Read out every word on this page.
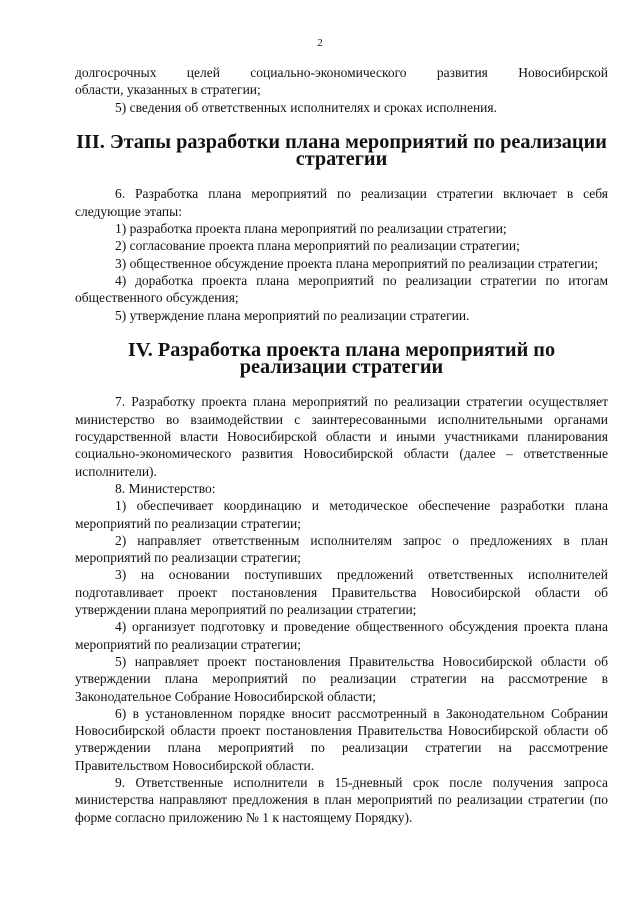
2

долгосрочных целей социально-экономического развития Новосибирской

области, указанных в стратегии;

5) сведения об ответственных исполнителях и сроках исполнения.

III. Этапы разработки плана мероприятий по реализации стратегии

6. Разработка плана мероприятий по реализации стратегии включает в себя следующие этапы:

1) разработка проекта плана мероприятий по реализации стратегии;

2) согласование проекта плана мероприятий по реализации стратегии;

3) общественное обсуждение проекта плана мероприятий по реализации стратегии;

4) доработка проекта плана мероприятий по реализации стратегии по итогам общественного обсуждения;

5) утверждение плана мероприятий по реализации стратегии.

IV. Разработка проекта плана мероприятий по реализации стратегии

7. Разработку проекта плана мероприятий по реализации стратегии осуществляет министерство во взаимодействии с заинтересованными исполнительными органами государственной власти Новосибирской области и иными участниками планирования социально-экономического развития Новосибирской области (далее – ответственные исполнители).

8. Министерство:

1) обеспечивает координацию и методическое обеспечение разработки плана мероприятий по реализации стратегии;

2) направляет ответственным исполнителям запрос о предложениях в план мероприятий по реализации стратегии;

3) на основании поступивших предложений ответственных исполнителей подготавливает проект постановления Правительства Новосибирской области об утверждении плана мероприятий по реализации стратегии;

4) организует подготовку и проведение общественного обсуждения проекта плана мероприятий по реализации стратегии;

5) направляет проект постановления Правительства Новосибирской области об утверждении плана мероприятий по реализации стратегии на рассмотрение в Законодательное Собрание Новосибирской области;

6) в установленном порядке вносит рассмотренный в Законодательном Собрании Новосибирской области проект постановления Правительства Новосибирской области об утверждении плана мероприятий по реализации стратегии на рассмотрение Правительством Новосибирской области.

9. Ответственные исполнители в 15-дневный срок после получения запроса министерства направляют предложения в план мероприятий по реализации стратегии (по форме согласно приложению № 1 к настоящему Порядку).
